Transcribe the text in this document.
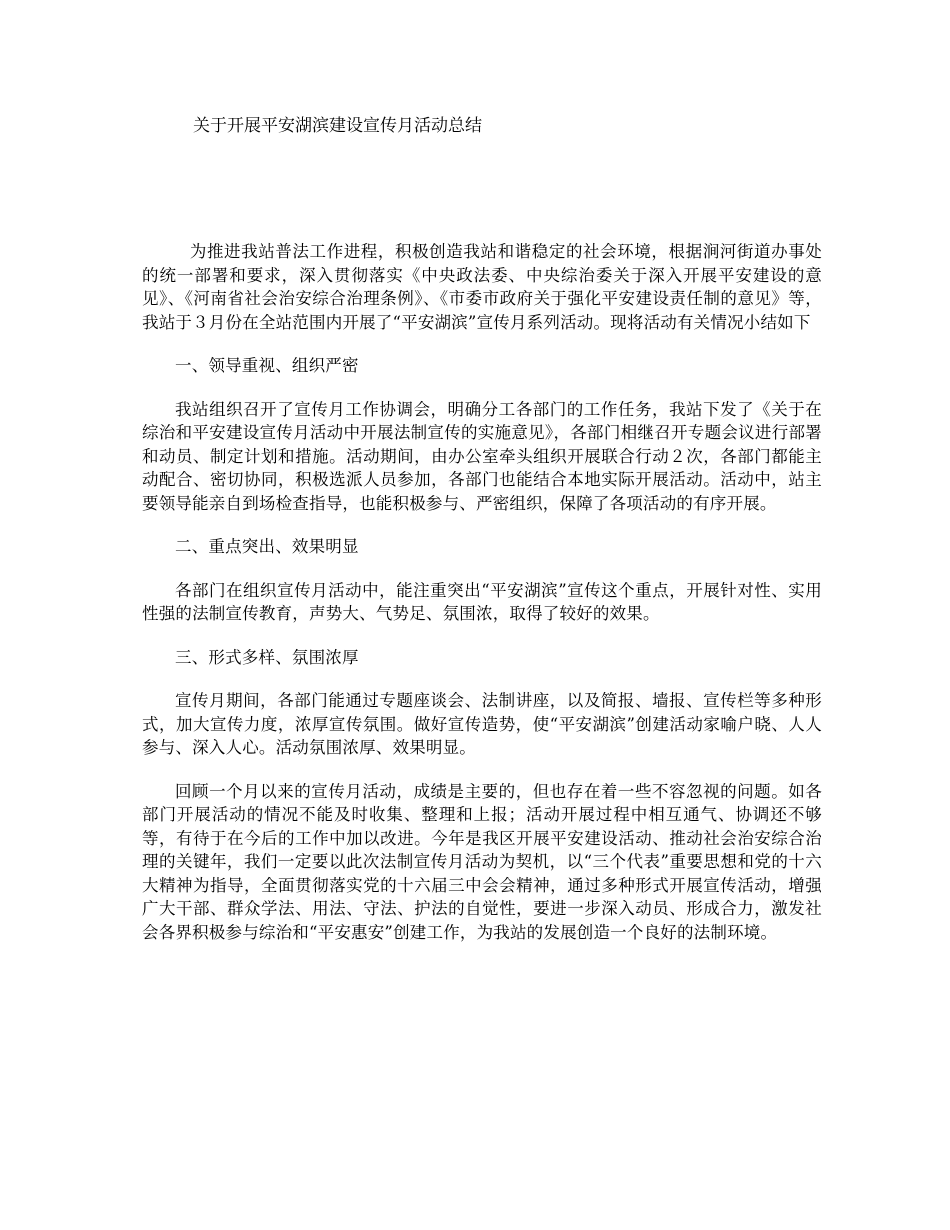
关于开展平安湖滨建设宣传月活动总结

为推进我站普法工作进程，积极创造我站和谐稳定的社会环境，根据涧河街道办事处的统一部署和要求，深入贯彻落实《中央政法委、中央综治委关于深入开展平安建设的意见》、《河南省社会治安综合治理条例》、《市委市政府关于强化平安建设责任制的意见》等，我站于３月份在全站范围内开展了“平安湖滨”宣传月系列活动。现将活动有关情况小结如下

一、领导重视、组织严密

我站组织召开了宣传月工作协调会，明确分工各部门的工作任务，我站下发了《关于在综治和平安建设宣传月活动中开展法制宣传的实施意见》，各部门相继召开专题会议进行部署和动员、制定计划和措施。活动期间，由办公室牵头组织开展联合行动２次，各部门都能主动配合、密切协同，积极选派人员参加，各部门也能结合本地实际开展活动。活动中，站主要领导能亲自到场检查指导，也能积极参与、严密组织，保障了各项活动的有序开展。

二、重点突出、效果明显

各部门在组织宣传月活动中，能注重突出“平安湖滨”宣传这个重点，开展针对性、实用性强的法制宣传教育，声势大、气势足、氛围浓，取得了较好的效果。

三、形式多样、氛围浓厚

宣传月期间，各部门能通过专题座谈会、法制讲座，以及简报、墙报、宣传栏等多种形式，加大宣传力度，浓厚宣传氛围。做好宣传造势，使“平安湖滨”创建活动家喻户晓、人人参与、深入人心。活动氛围浓厚、效果明显。

回顾一个月以来的宣传月活动，成绩是主要的，但也存在着一些不容忽视的问题。如各部门开展活动的情况不能及时收集、整理和上报；活动开展过程中相互通气、协调还不够等，有待于在今后的工作中加以改进。今年是我区开展平安建设活动、推动社会治安综合治理的关键年，我们一定要以此次法制宣传月活动为契机，以“三个代表”重要思想和党的十六大精神为指导，全面贯彻落实党的十六届三中会会精神，通过多种形式开展宣传活动，增强广大干部、群众学法、用法、守法、护法的自觉性，要进一步深入动员、形成合力，激发社会各界积极参与综治和“平安惠安”创建工作，为我站的发展创造一个良好的法制环境。
